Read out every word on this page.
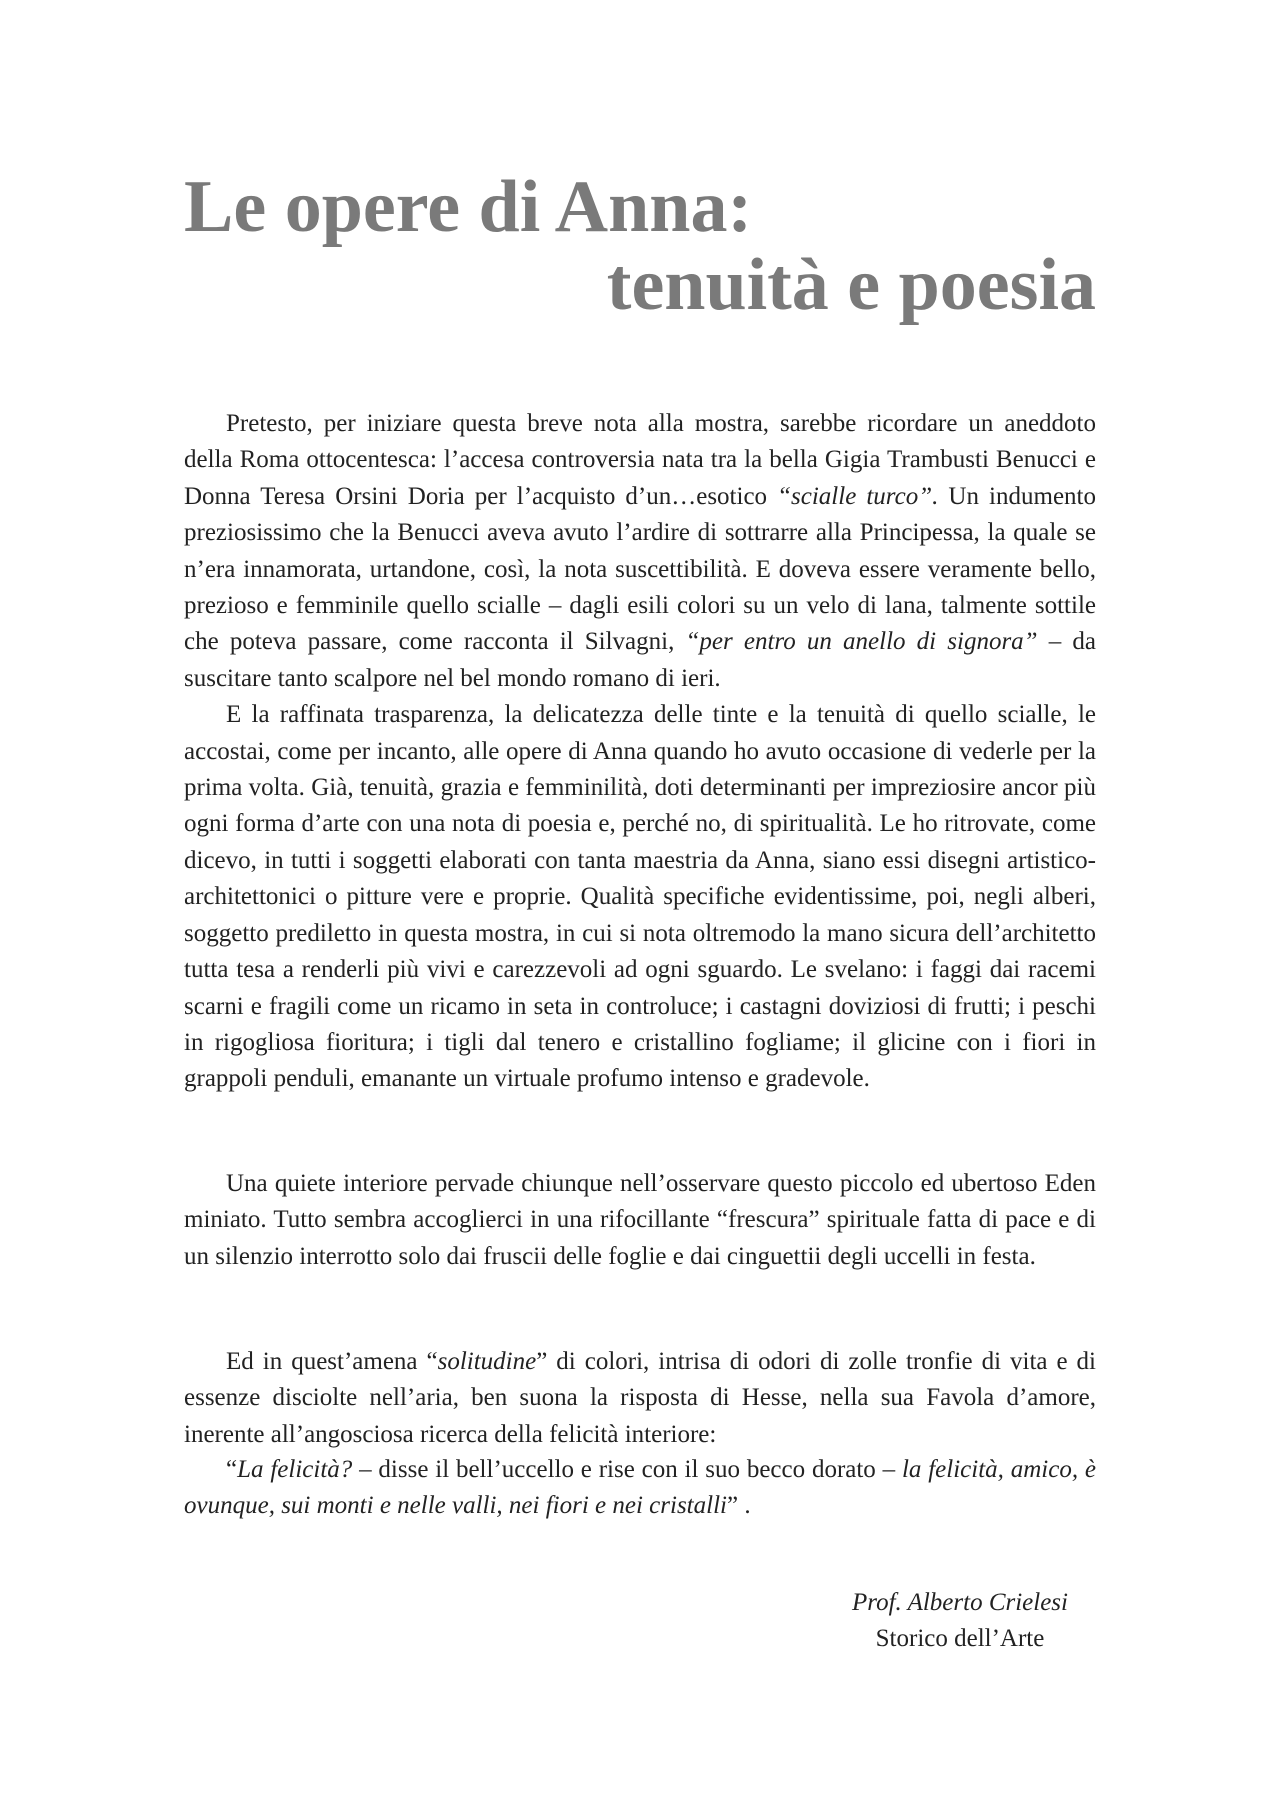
Le opere di Anna:
tenuità e poesia

Pretesto, per iniziare questa breve nota alla mostra, sarebbe ricordare un aneddoto della Roma ottocentesca: l’accesa controversia nata tra la bella Gigia Trambusti Benucci e Donna Teresa Orsini Doria per l’acquisto d’un…esotico “scialle turco”. Un indumento preziosissimo che la Benucci aveva avuto l’ardire di sottrarre alla Principessa, la quale se n’era innamorata, urtandone, così, la nota suscettibilità. E doveva essere veramente bello, prezioso e femminile quello scialle – dagli esili colori su un velo di lana, talmente sottile che poteva passare, come racconta il Silvagni, “per entro un anello di signora” – da suscitare tanto scalpore nel bel mondo romano di ieri.

E la raffinata trasparenza, la delicatezza delle tinte e la tenuità di quello scialle, le accostai, come per incanto, alle opere di Anna quando ho avuto occasione di vederle per la prima volta. Già, tenuità, grazia e femminilità, doti determinanti per impreziosire ancor più ogni forma d’arte con una nota di poesia e, perché no, di spiritualità. Le ho ritrovate, come dicevo, in tutti i soggetti elaborati con tanta maestria da Anna, siano essi disegni artistico-architettonici o pitture vere e proprie. Qualità specifiche evidentissime, poi, negli alberi, soggetto prediletto in questa mostra, in cui si nota oltremodo la mano sicura dell’architetto tutta tesa a renderli più vivi e carezzevoli ad ogni sguardo. Le svelano: i faggi dai racemi scarni e fragili come un ricamo in seta in controluce; i castagni doviziosi di frutti; i peschi in rigogliosa fioritura; i tigli dal tenero e cristallino fogliame; il glicine con i fiori in grappoli penduli, emanante un virtuale profumo intenso e gradevole.

Una quiete interiore pervade chiunque nell’osservare questo piccolo ed ubertoso Eden miniato. Tutto sembra accoglierci in una rifocillante “frescura” spirituale fatta di pace e di un silenzio interrotto solo dai fruscii delle foglie e dai cinguettii degli uccelli in festa.

Ed in quest’amena “solitudine” di colori, intrisa di odori di zolle tronfie di vita e di essenze disciolte nell’aria, ben suona la risposta di Hesse, nella sua Favola d’amore, inerente all’angosciosa ricerca della felicità interiore:

“La felicità? – disse il bell’uccello e rise con il suo becco dorato – la felicità, amico, è ovunque, sui monti e nelle valli, nei fiori e nei cristalli” .
Prof. Alberto Crielesi
Storico dell’Arte
